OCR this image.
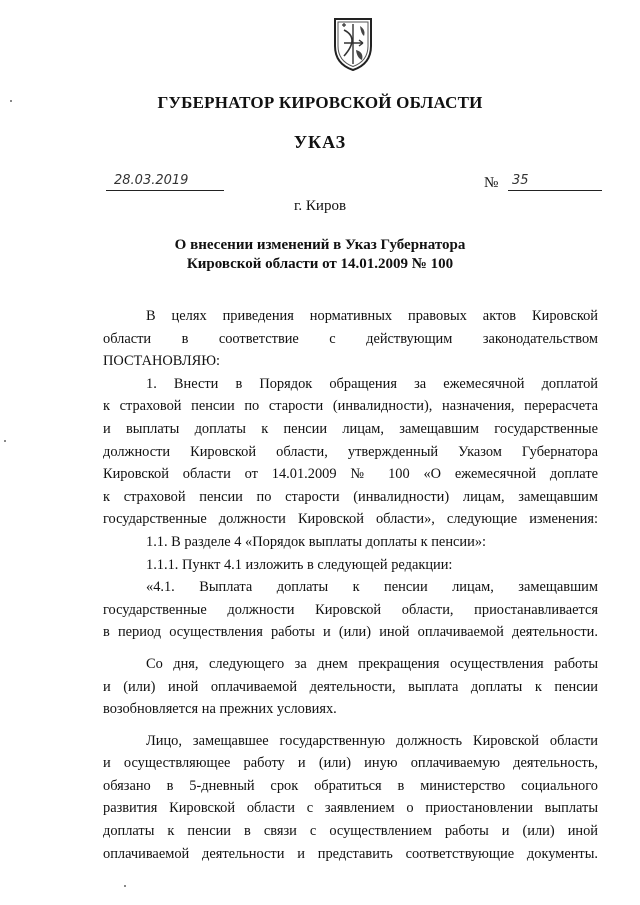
ГУБЕРНАТОР КИРОВСКОЙ ОБЛАСТИ
УКАЗ
28.03.2019	№	35
г. Киров
О внесении изменений в Указ Губернатора
Кировской области от 14.01.2009 № 100

В целях приведения нормативных правовых актов Кировской

области в соответствие с действующим законодательством

ПОСТАНОВЛЯЮ:

1. Внести в Порядок обращения за ежемесячной доплатой

к страховой пенсии по старости (инвалидности), назначения, перерасчета

и выплаты доплаты к пенсии лицам, замещавшим государственные

должности Кировской области, утвержденный Указом Губернатора

Кировской области от 14.01.2009 № 100 «О ежемесячной доплате

к страховой пенсии по старости (инвалидности) лицам, замещавшим

государственные должности Кировской области», следующие изменения:

1.1. В разделе 4 «Порядок выплаты доплаты к пенсии»:

1.1.1. Пункт 4.1 изложить в следующей редакции:

«4.1. Выплата доплаты к пенсии лицам, замещавшим

государственные должности Кировской области, приостанавливается

в период осуществления работы и (или) иной оплачиваемой деятельности.

Со дня, следующего за днем прекращения осуществления работы

и (или) иной оплачиваемой деятельности, выплата доплаты к пенсии

возобновляется на прежних условиях.

Лицо, замещавшее государственную должность Кировской области

и осуществляющее работу и (или) иную оплачиваемую деятельность,

обязано в 5-дневный срок обратиться в министерство социального

развития Кировской области с заявлением о приостановлении выплаты

доплаты к пенсии в связи с осуществлением работы и (или) иной

оплачиваемой деятельности и представить соответствующие документы.
